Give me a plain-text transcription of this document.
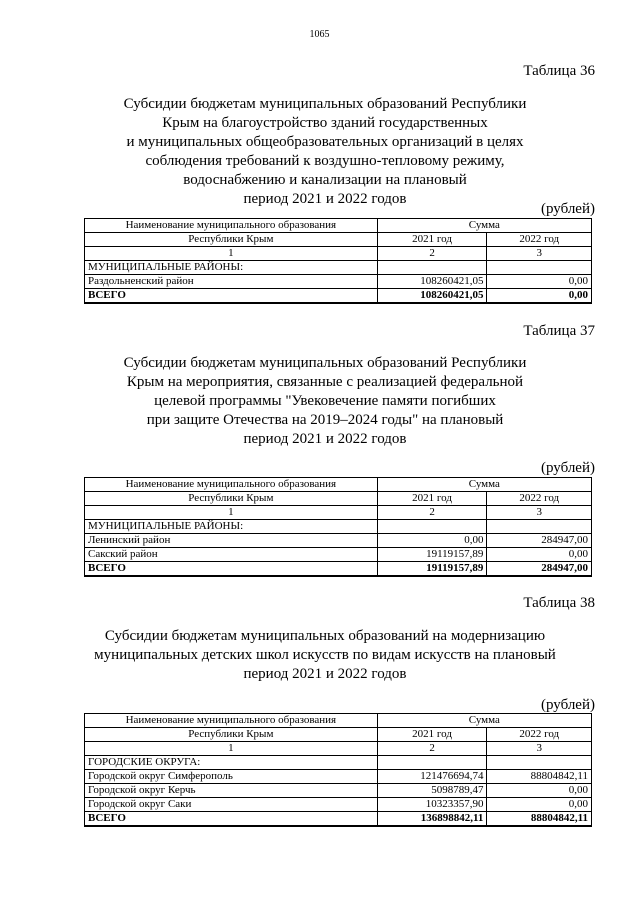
1065
Таблица 36
Субсидии бюджетам муниципальных образований Республики
Крым на благоустройство зданий государственных
и муниципальных общеобразовательных организаций в целях
соблюдения требований к воздушно-тепловому режиму,
водоснабжению и канализации на плановый
период 2021 и 2022 годов
(рублей)
Наименование муниципального образования	Сумма	
Республики Крым	2021 год	2022 год
1	2	3
МУНИЦИПАЛЬНЫЕ РАЙОНЫ:		
Раздольненский район	108260421,05	0,00
ВСЕГО	108260421,05	0,00
Таблица 37
Субсидии бюджетам муниципальных образований Республики
Крым на мероприятия, связанные с реализацией федеральной
целевой программы "Увековечение памяти погибших
при защите Отечества на 2019–2024 годы" на плановый
период 2021 и 2022 годов
(рублей)
Наименование муниципального образования	Сумма	
Республики Крым	2021 год	2022 год
1	2	3
МУНИЦИПАЛЬНЫЕ РАЙОНЫ:		
Ленинский район	0,00	284947,00
Сакский район	19119157,89	0,00
ВСЕГО	19119157,89	284947,00
Таблица 38
Субсидии бюджетам муниципальных образований на модернизацию
муниципальных детских школ искусств по видам искусств на плановый
период 2021 и 2022 годов
(рублей)
Наименование муниципального образования	Сумма	
Республики Крым	2021 год	2022 год
1	2	3
ГОРОДСКИЕ ОКРУГА:		
Городской округ Симферополь	121476694,74	88804842,11
Городской округ Керчь	5098789,47	0,00
Городской округ Саки	10323357,90	0,00
ВСЕГО	136898842,11	88804842,11
